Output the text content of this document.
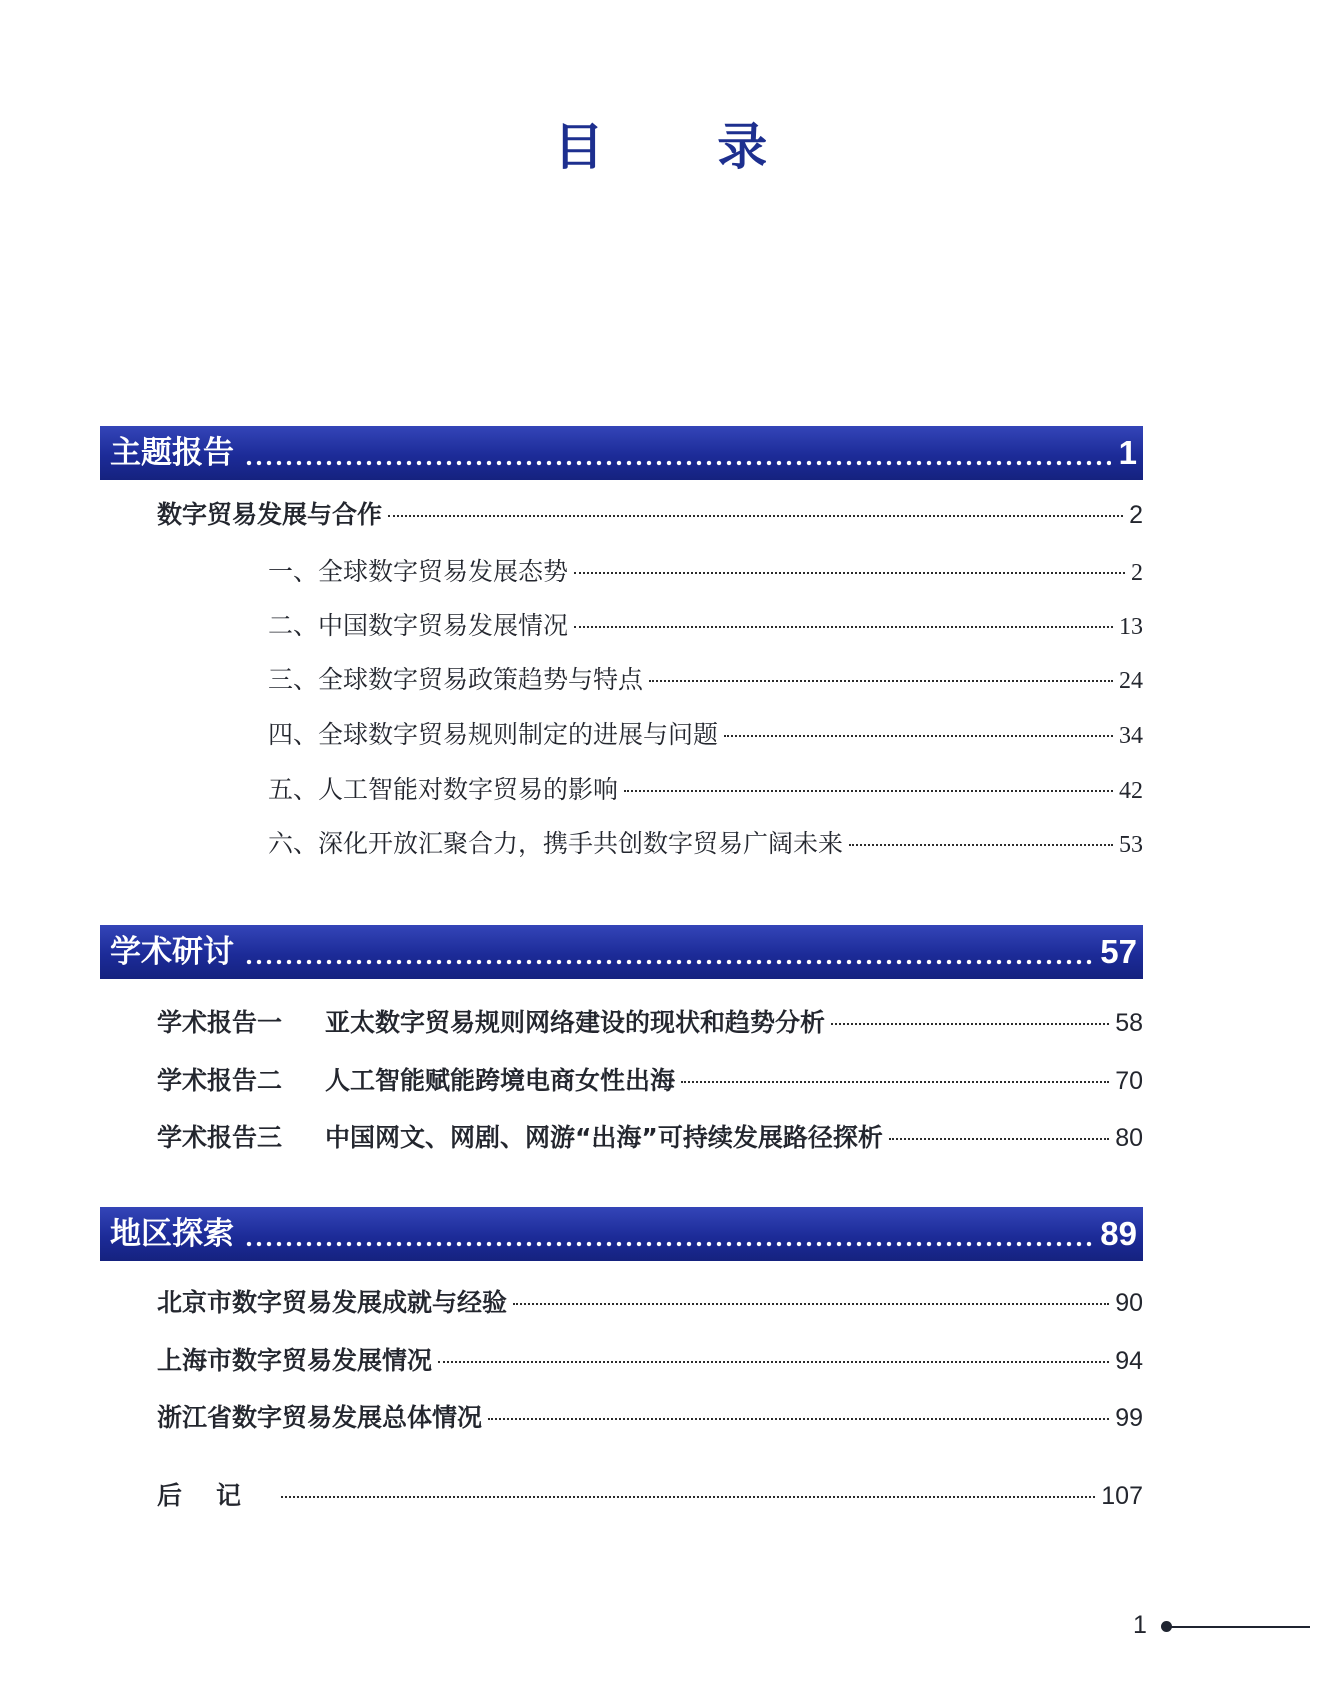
目 录
主题报告	1
数字贸易发展与合作	2
一、全球数字贸易发展态势	2
二、中国数字贸易发展情况	13
三、全球数字贸易政策趋势与特点	24
四、全球数字贸易规则制定的进展与问题	34
五、人工智能对数字贸易的影响	42
六、深化开放汇聚合力，携手共创数字贸易广阔未来	53
学术研讨	57
学术报告一	亚太数字贸易规则网络建设的现状和趋势分析	58
学术报告二	人工智能赋能跨境电商女性出海	70
学术报告三	中国网文、网剧、网游“出海”可持续发展路径探析	80
地区探索	89
北京市数字贸易发展成就与经验	90
上海市数字贸易发展情况	94
浙江省数字贸易发展总体情况	99
后记	107
1
